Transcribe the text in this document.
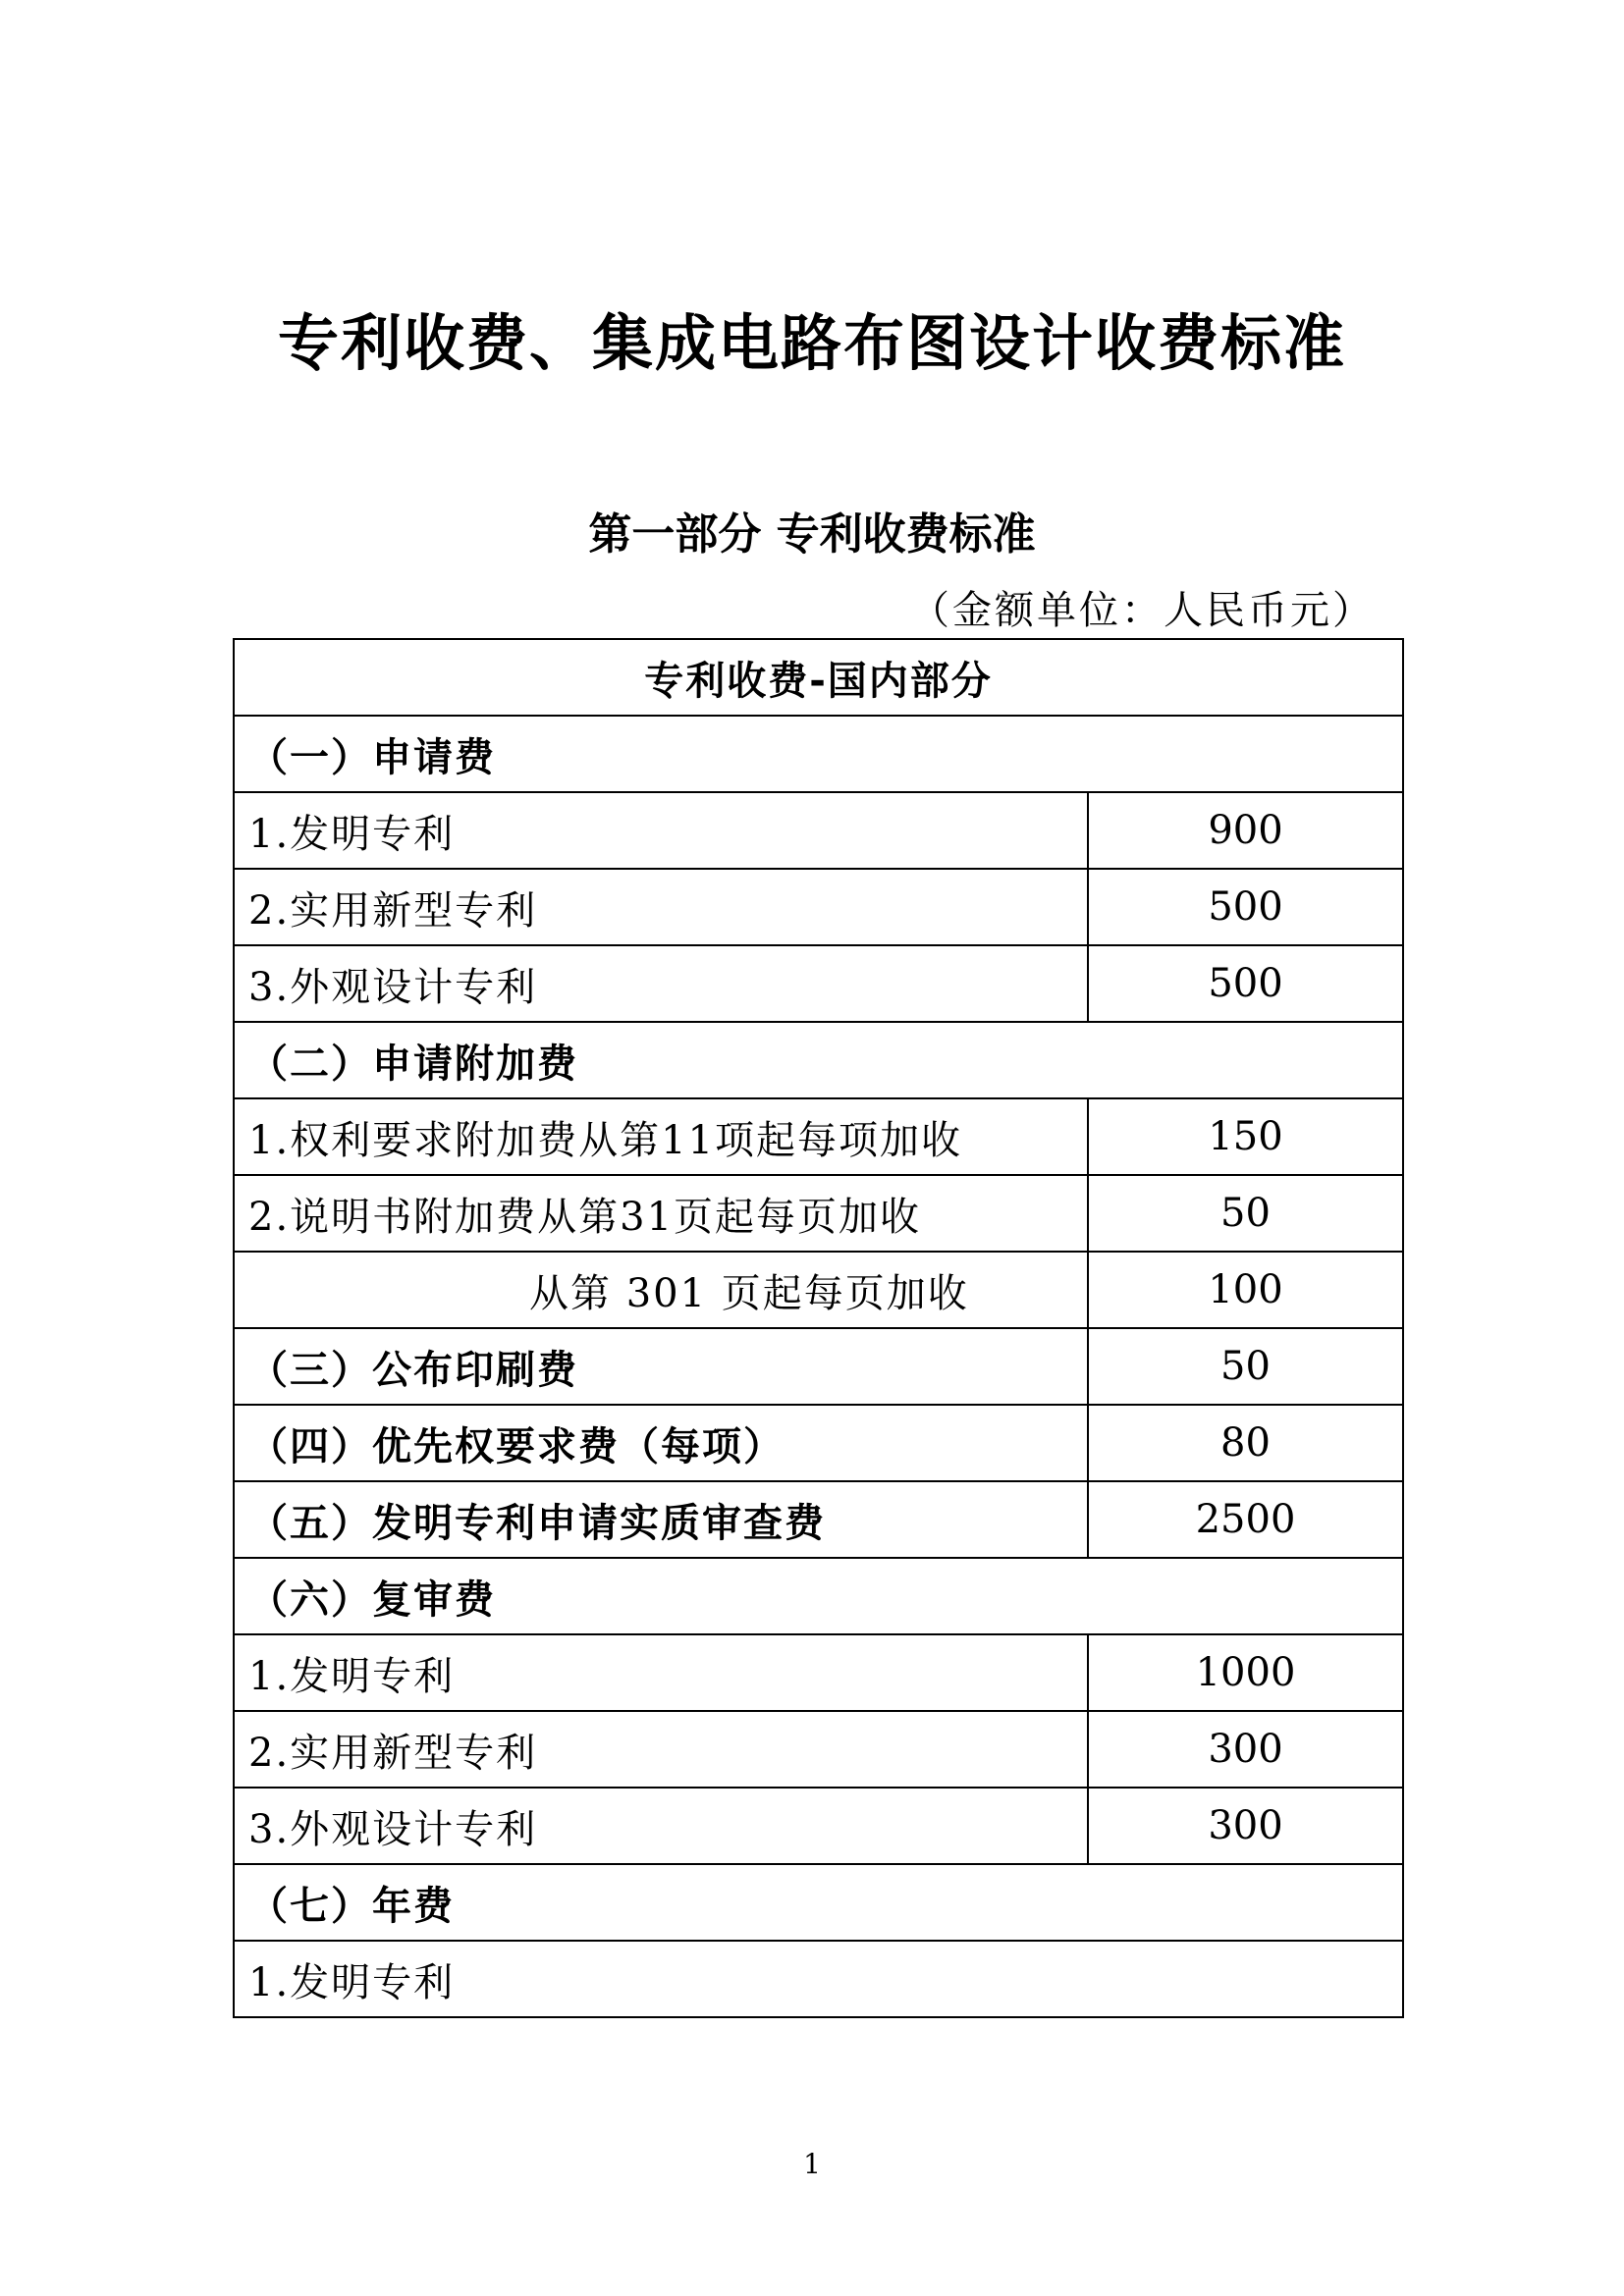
专利收费、集成电路布图设计收费标准
第一部分 专利收费标准
（金额单位：人民币元）
专利收费-国内部分	
（一）申请费	
1.发明专利	900
2.实用新型专利	500
3.外观设计专利	500
（二）申请附加费	
1.权利要求附加费从第11项起每项加收	150
2.说明书附加费从第31页起每页加收	50
从第 301 页起每页加收	100
（三）公布印刷费	50
（四）优先权要求费（每项）	80
（五）发明专利申请实质审查费	2500
（六）复审费	
1.发明专利	1000
2.实用新型专利	300
3.外观设计专利	300
（七）年费	
1.发明专利	
1
